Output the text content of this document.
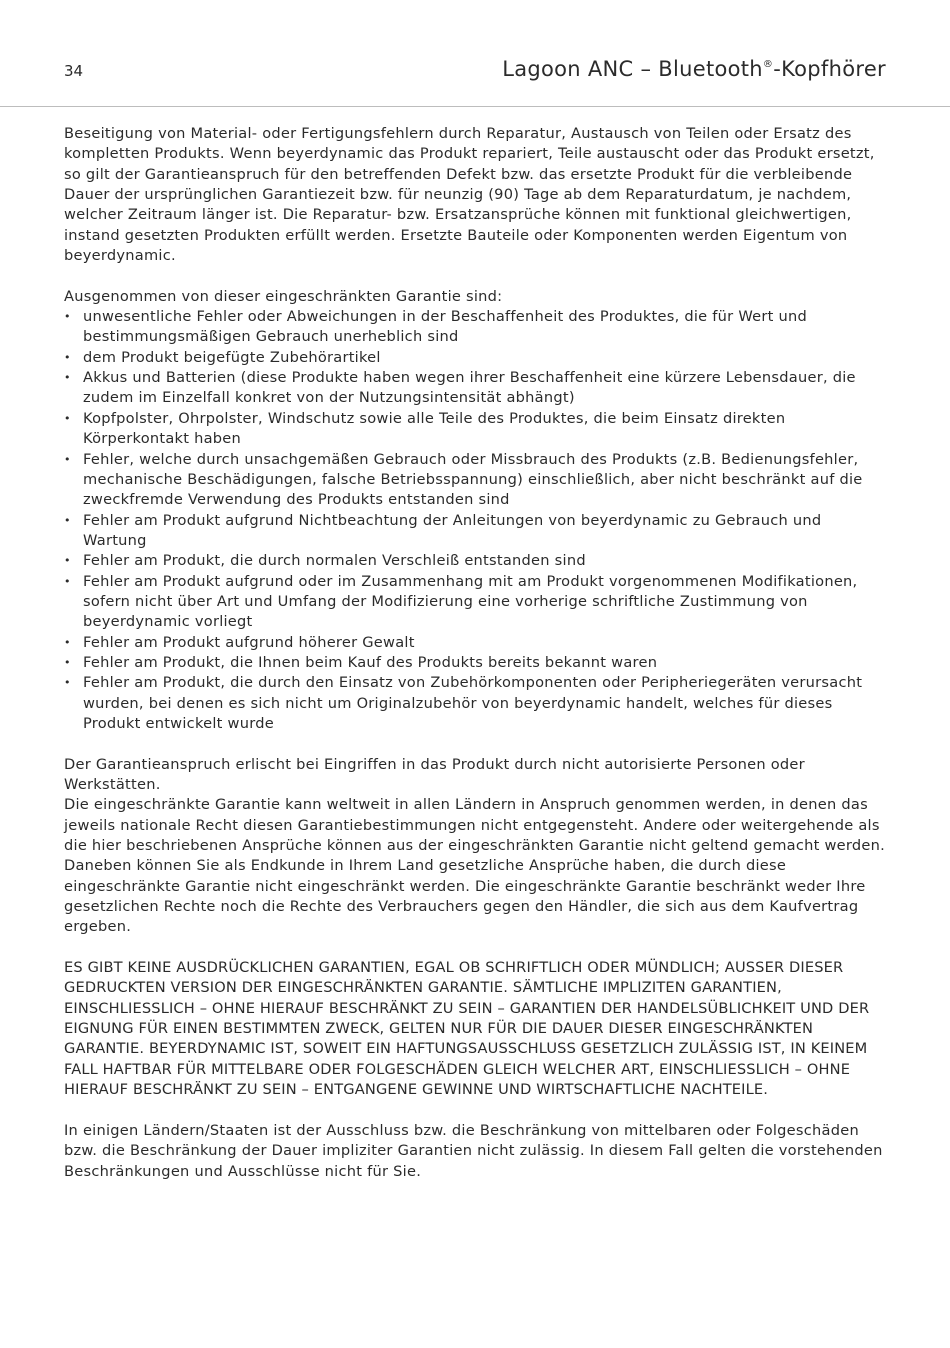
34	Lagoon ANC – Bluetooth®-Kopfhörer

Beseitigung von Material- oder Fertigungsfehlern durch Reparatur, Austausch von Teilen oder Ersatz des kompletten Produkts. Wenn beyerdynamic das Produkt repariert, Teile austauscht oder das Produkt ersetzt, so gilt der Garantieanspruch für den betreffenden Defekt bzw. das ersetzte Produkt für die verbleibende Dauer der ursprünglichen Garantiezeit bzw. für neunzig (90) Tage ab dem Reparaturdatum, je nachdem, welcher Zeitraum länger ist. Die Reparatur- bzw. Ersatzansprüche können mit funktional gleichwertigen, instand gesetzten Produkten erfüllt werden. Ersetzte Bauteile oder Komponenten werden Eigentum von beyerdynamic.

Ausgenommen von dieser eingeschränkten Garantie sind:

• unwesentliche Fehler oder Abweichungen in der Beschaffenheit des Produktes, die für Wert und bestimmungsmäßigen Gebrauch unerheblich sind
• dem Produkt beigefügte Zubehörartikel
• Akkus und Batterien (diese Produkte haben wegen ihrer Beschaffenheit eine kürzere Lebensdauer, die zudem im Einzelfall konkret von der Nutzungsintensität abhängt)
• Kopfpolster, Ohrpolster, Windschutz sowie alle Teile des Produktes, die beim Einsatz direkten Körperkontakt haben
• Fehler, welche durch unsachgemäßen Gebrauch oder Missbrauch des Produkts (z.B. Bedienungsfehler, mechanische Beschädigungen, falsche Betriebsspannung) einschließlich, aber nicht beschränkt auf die zweckfremde Verwendung des Produkts entstanden sind
• Fehler am Produkt aufgrund Nichtbeachtung der Anleitungen von beyerdynamic zu Gebrauch und Wartung
• Fehler am Produkt, die durch normalen Verschleiß entstanden sind
• Fehler am Produkt aufgrund oder im Zusammenhang mit am Produkt vorgenommenen Modifikationen, sofern nicht über Art und Umfang der Modifizierung eine vorherige schriftliche Zustimmung von beyerdynamic vorliegt
• Fehler am Produkt aufgrund höherer Gewalt
• Fehler am Produkt, die Ihnen beim Kauf des Produkts bereits bekannt waren
• Fehler am Produkt, die durch den Einsatz von Zubehörkomponenten oder Peripheriegeräten verursacht wurden, bei denen es sich nicht um Originalzubehör von beyerdynamic handelt, welches für dieses Produkt entwickelt wurde

Der Garantieanspruch erlischt bei Eingriffen in das Produkt durch nicht autorisierte Personen oder Werkstätten.

Die eingeschränkte Garantie kann weltweit in allen Ländern in Anspruch genommen werden, in denen das jeweils nationale Recht diesen Garantiebestimmungen nicht entgegensteht. Andere oder weitergehende als die hier beschriebenen Ansprüche können aus der eingeschränkten Garantie nicht geltend gemacht werden. Daneben können Sie als Endkunde in Ihrem Land gesetzliche Ansprüche haben, die durch diese eingeschränkte Garantie nicht eingeschränkt werden. Die eingeschränkte Garantie beschränkt weder Ihre gesetzlichen Rechte noch die Rechte des Verbrauchers gegen den Händler, die sich aus dem Kaufvertrag ergeben.

ES GIBT KEINE AUSDRÜCKLICHEN GARANTIEN, EGAL OB SCHRIFTLICH ODER MÜNDLICH; AUSSER DIESER GEDRUCKTEN VERSION DER EINGESCHRÄNKTEN GARANTIE. SÄMTLICHE IMPLIZITEN GARANTIEN, EINSCHLIESSLICH – OHNE HIERAUF BESCHRÄNKT ZU SEIN – GARANTIEN DER HANDELSÜBLICHKEIT UND DER EIGNUNG FÜR EINEN BESTIMMTEN ZWECK, GELTEN NUR FÜR DIE DAUER DIESER EINGESCHRÄNKTEN GARANTIE. BEYERDYNAMIC IST, SOWEIT EIN HAFTUNGSAUSSCHLUSS GESETZLICH ZULÄSSIG IST, IN KEINEM FALL HAFTBAR FÜR MITTELBARE ODER FOLGESCHÄDEN GLEICH WELCHER ART, EINSCHLIESSLICH – OHNE HIERAUF BESCHRÄNKT ZU SEIN – ENTGANGENE GEWINNE UND WIRTSCHAFTLICHE NACHTEILE.

In einigen Ländern/Staaten ist der Ausschluss bzw. die Beschränkung von mittelbaren oder Folgeschäden bzw. die Beschränkung der Dauer impliziter Garantien nicht zulässig. In diesem Fall gelten die vorstehenden Beschränkungen und Ausschlüsse nicht für Sie.
